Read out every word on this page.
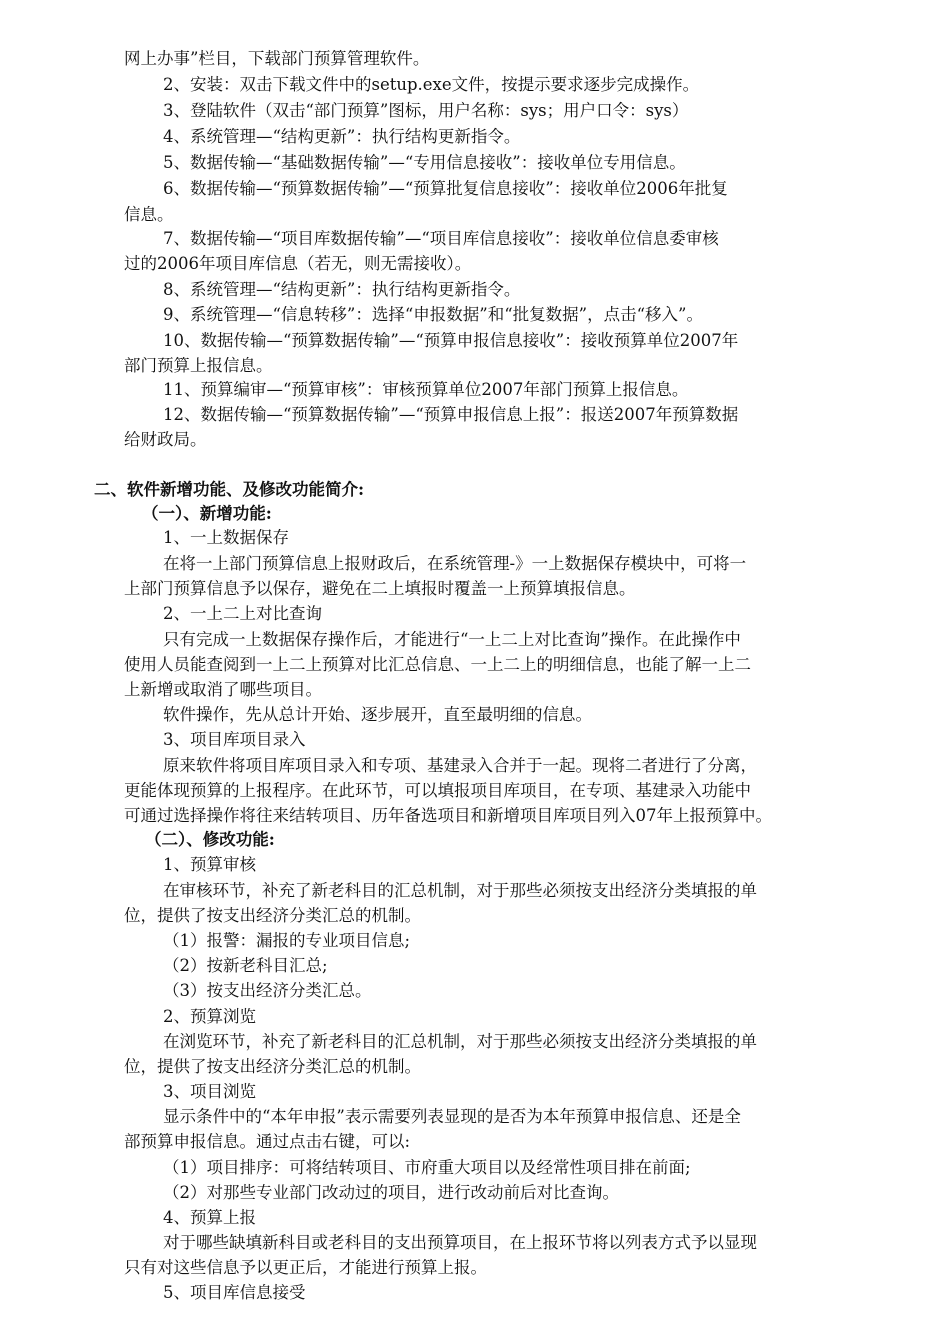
网上办事”栏目，下载部门预算管理软件。
2、安装：双击下载文件中的setup.exe文件，按提示要求逐步完成操作。
3、登陆软件（双击“部门预算”图标，用户名称：sys；用户口令：sys）
4、系统管理—“结构更新”：执行结构更新指令。
5、数据传输—“基础数据传输”—“专用信息接收”：接收单位专用信息。
6、数据传输—“预算数据传输”—“预算批复信息接收”：接收单位2006年批复
信息。
7、数据传输—“项目库数据传输”—“项目库信息接收”：接收单位信息委审核
过的2006年项目库信息（若无，则无需接收）。
8、系统管理—“结构更新”：执行结构更新指令。
9、系统管理—“信息转移”：选择“申报数据”和“批复数据”，点击“移入”。
10、数据传输—“预算数据传输”—“预算申报信息接收”：接收预算单位2007年
部门预算上报信息。
11、预算编审—“预算审核”：审核预算单位2007年部门预算上报信息。
12、数据传输—“预算数据传输”—“预算申报信息上报”：报送2007年预算数据
给财政局。
二、软件新增功能、及修改功能简介:
（一）、新增功能:
1、一上数据保存
在将一上部门预算信息上报财政后，在系统管理-》一上数据保存模块中，可将一
上部门预算信息予以保存，避免在二上填报时覆盖一上预算填报信息。
2、一上二上对比查询
只有完成一上数据保存操作后，才能进行“一上二上对比查询”操作。在此操作中
使用人员能查阅到一上二上预算对比汇总信息、一上二上的明细信息，也能了解一上二
上新增或取消了哪些项目。
软件操作，先从总计开始、逐步展开，直至最明细的信息。
3、项目库项目录入
原来软件将项目库项目录入和专项、基建录入合并于一起。现将二者进行了分离，
更能体现预算的上报程序。在此环节，可以填报项目库项目，在专项、基建录入功能中
可通过选择操作将往来结转项目、历年备选项目和新增项目库项目列入07年上报预算中。
（二）、修改功能:
1、预算审核
在审核环节，补充了新老科目的汇总机制，对于那些必须按支出经济分类填报的单
位，提供了按支出经济分类汇总的机制。
（1）报警：漏报的专业项目信息;
（2）按新老科目汇总;
（3）按支出经济分类汇总。
2、预算浏览
在浏览环节，补充了新老科目的汇总机制，对于那些必须按支出经济分类填报的单
位，提供了按支出经济分类汇总的机制。
3、项目浏览
显示条件中的“本年申报”表示需要列表显现的是否为本年预算申报信息、还是全
部预算申报信息。通过点击右键，可以:
（1）项目排序：可将结转项目、市府重大项目以及经常性项目排在前面;
（2）对那些专业部门改动过的项目，进行改动前后对比查询。
4、预算上报
对于哪些缺填新科目或老科目的支出预算项目，在上报环节将以列表方式予以显现
只有对这些信息予以更正后，才能进行预算上报。
5、项目库信息接受
